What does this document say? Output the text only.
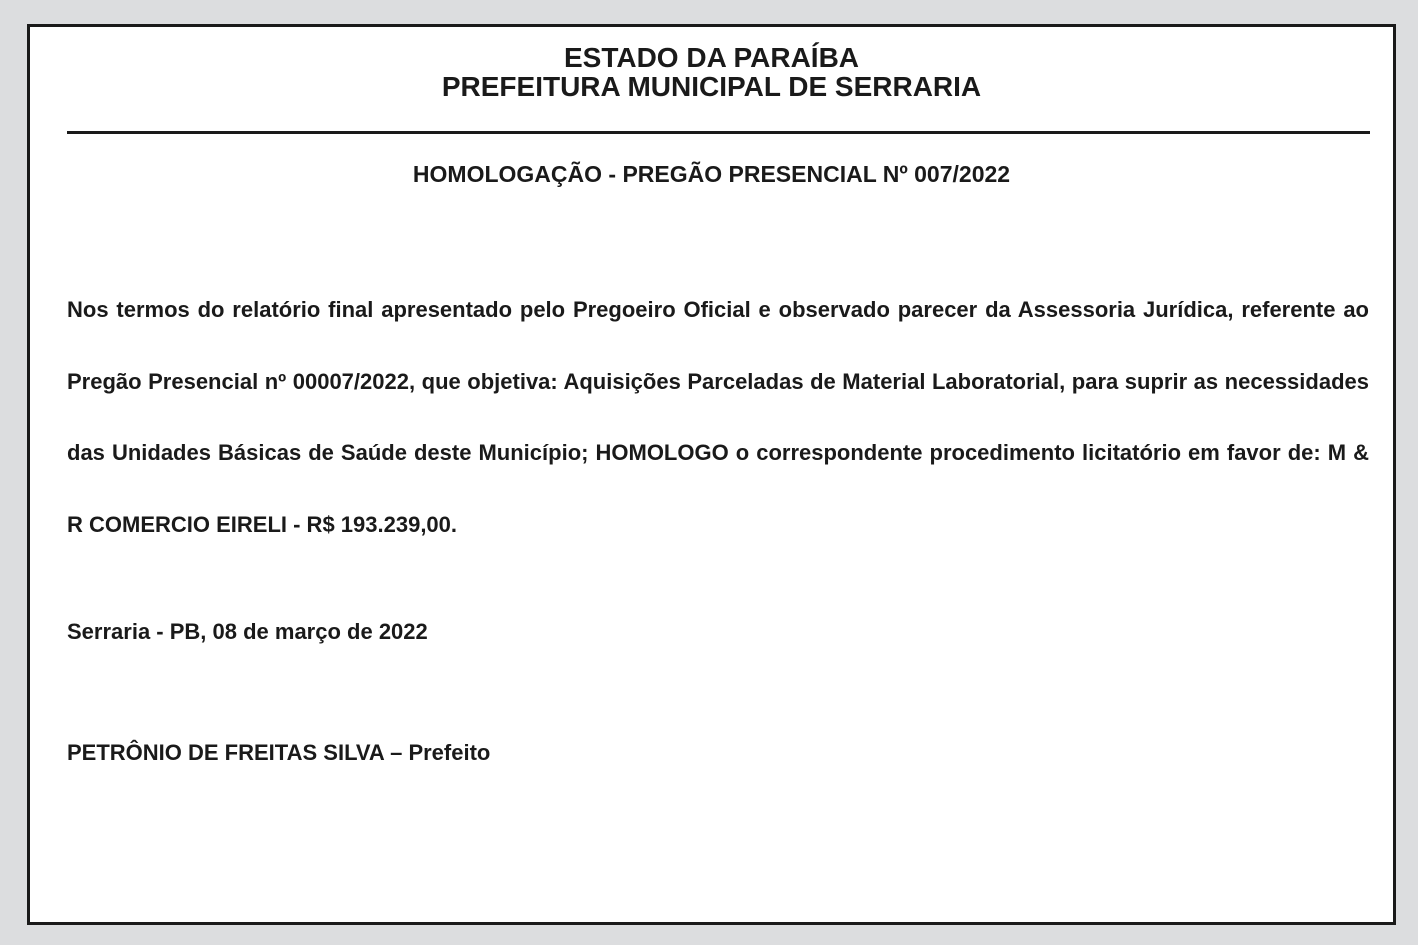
ESTADO DA PARAÍBA
PREFEITURA MUNICIPAL DE SERRARIA
HOMOLOGAÇÃO - PREGÃO PRESENCIAL Nº 007/2022
Nos termos do relatório final apresentado pelo Pregoeiro Oficial e observado parecer da Assessoria Jurídica, referente ao Pregão Presencial nº 00007/2022, que objetiva: Aquisições Parceladas de Material Laboratorial, para suprir as necessidades das Unidades Básicas de Saúde deste Município; HOMOLOGO o correspondente procedimento licitatório em favor de: M & R COMERCIO EIRELI - R$ 193.239,00.
Serraria - PB, 08 de março de 2022
PETRÔNIO DE FREITAS SILVA – Prefeito
